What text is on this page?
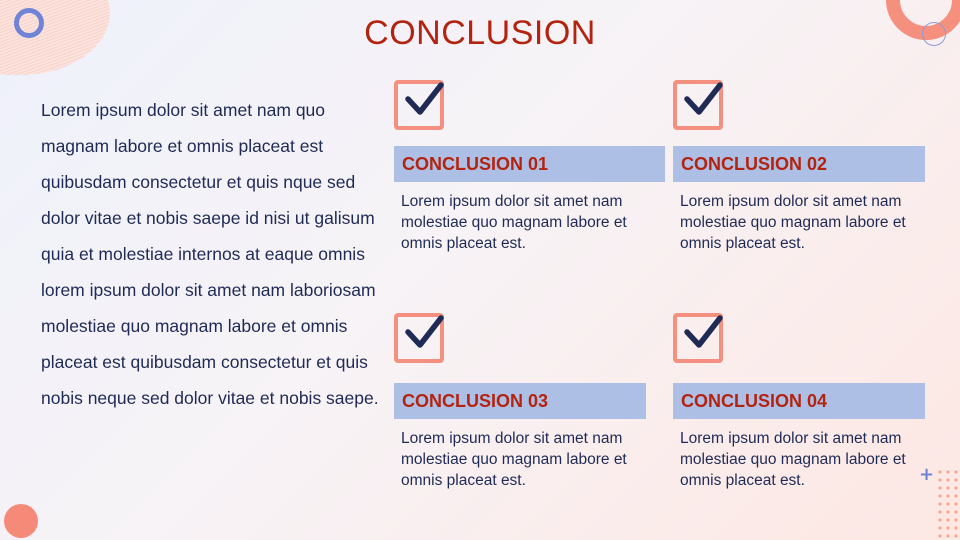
+
CONCLUSION

Lorem ipsum dolor sit amet nam quo magnam labore et omnis placeat est quibusdam consectetur et quis nque sed dolor vitae et nobis saepe id nisi ut galisum quia et molestiae internos at eaque omnis lorem ipsum dolor sit amet nam laboriosam molestiae quo magnam labore et omnis placeat est quibusdam consectetur et quis nobis neque sed dolor vitae et nobis saepe.

CONCLUSION 01
Lorem ipsum dolor sit amet nam molestiae quo magnam labore et omnis placeat est.
CONCLUSION 02
Lorem ipsum dolor sit amet nam molestiae quo magnam labore et omnis placeat est.
CONCLUSION 03
Lorem ipsum dolor sit amet nam molestiae quo magnam labore et omnis placeat est.
CONCLUSION 04
Lorem ipsum dolor sit amet nam molestiae quo magnam labore et omnis placeat est.
